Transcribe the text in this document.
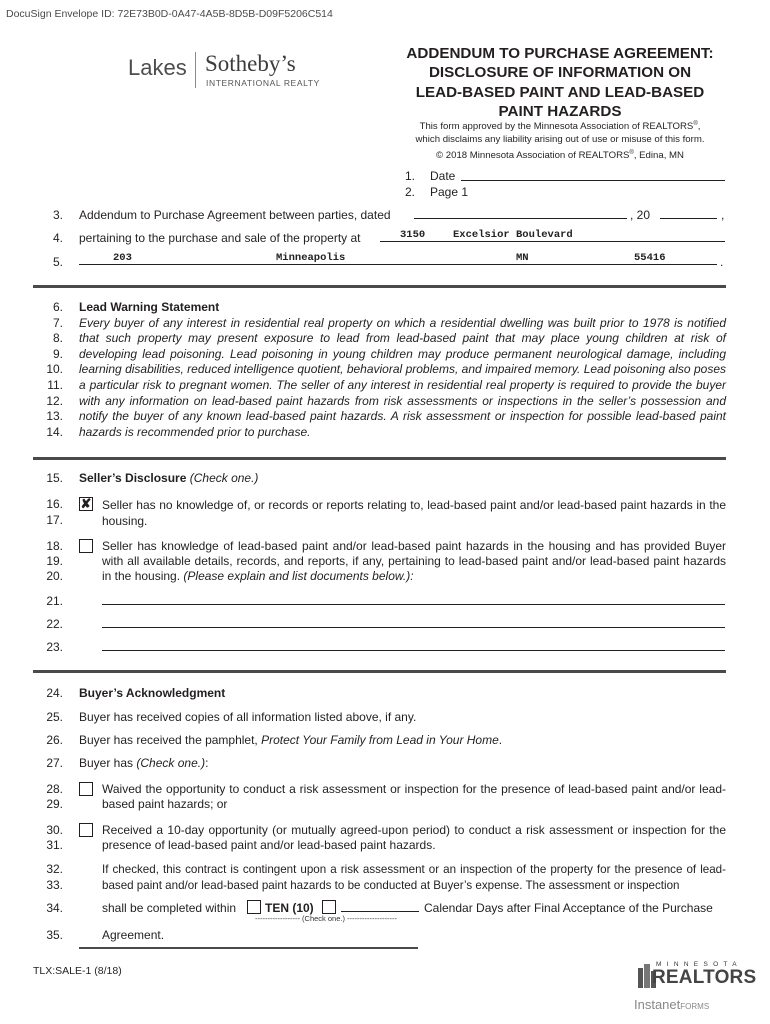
DocuSign Envelope ID: 72E73B0D-0A47-4A5B-8D5B-D09F5206C514
Lakes Sotheby’s
INTERNATIONAL REALTY
ADDENDUM TO PURCHASE AGREEMENT:
DISCLOSURE OF INFORMATION ON
LEAD-BASED PAINT AND LEAD-BASED
PAINT HAZARDS
This form approved by the Minnesota Association of REALTORS®,
which disclaims any liability arising out of use or misuse of this form.
© 2018 Minnesota Association of REALTORS®, Edina, MN
1. Date
2. Page 1
3. Addendum to Purchase Agreement between parties, dated	, 20	,
4. pertaining to the purchase and sale of the property at	3150	Excelsior Boulevard
5.	203	Minneapolis	MN	55416	.
6.
7.
8.
9.
10.
11.
12.
13.
14.
Lead Warning Statement
Every buyer of any interest in residential real property on which a residential dwelling was built prior to 1978 is notified that such property may present exposure to lead from lead-based paint that may place young children at risk of developing lead poisoning. Lead poisoning in young children may produce permanent neurological damage, including learning disabilities, reduced intelligence quotient, behavioral problems, and impaired memory. Lead poisoning also poses a particular risk to pregnant women. The seller of any interest in residential real property is required to provide the buyer with any information on lead-based paint hazards from risk assessments or inspections in the seller’s possession and notify the buyer of any known lead-based paint hazards. A risk assessment or inspection for possible lead-based paint hazards is recommended prior to purchase.
15. Seller’s Disclosure (Check one.)
16.
17.
✘ Seller has no knowledge of, or records or reports relating to, lead-based paint and/or lead-based paint hazards in the housing.
18.
19.
20.
Seller has knowledge of lead-based paint and/or lead-based paint hazards in the housing and has provided Buyer with all available details, records, and reports, if any, pertaining to lead-based paint and/or lead-based paint hazards in the housing. (Please explain and list documents below.):
21.
22.
23.
24. Buyer’s Acknowledgment
25. Buyer has received copies of all information listed above, if any.
26. Buyer has received the pamphlet, Protect Your Family from Lead in Your Home.
27. Buyer has (Check one.):
28.
29.
Waived the opportunity to conduct a risk assessment or inspection for the presence of lead-based paint and/or lead-based paint hazards; or
30.
31.
Received a 10-day opportunity (or mutually agreed-upon period) to conduct a risk assessment or inspection for the presence of lead-based paint and/or lead-based paint hazards.
32.
33.
If checked, this contract is contingent upon a risk assessment or an inspection of the property for the presence of lead-based paint and/or lead-based paint hazards to be conducted at Buyer’s expense. The assessment or inspection
34.	shall be completed within TEN (10)	Calendar Days after Final Acceptance of the Purchase
------------------ (Check one.) --------------------
35.	Agreement.
TLX:SALE-1 (8/18)
MINNESOTA
REALTORS
InstanetFORMS
